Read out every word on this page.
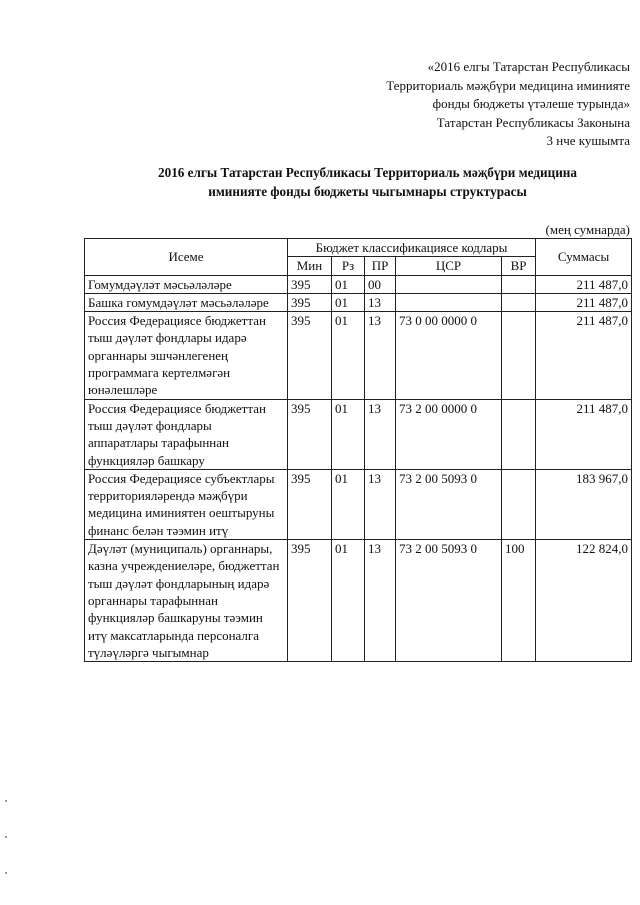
«2016 елгы Татарстан Республикасы
Территориаль мәҗбүри медицина иминияте
фонды бюджеты үтәлеше турында»
Татарстан Республикасы Законына
3 нче кушымта
2016 елгы Татарстан Республикасы Территориаль мәҗбүри медицина
иминияте фонды бюджеты чыгымнары структурасы
(мең сумнарда)
Исеме	Бюджет классификациясе кодлары					Суммасы
	Мин	Рз	ПР	ЦСР	ВР	
Гомумдәүләт мәсьәләләре	395	01	00			211 487,0
Башка гомумдәүләт мәсьәләләре	395	01	13			211 487,0
Россия Федерациясе бюджеттан тыш дәүләт фондлары идарә органнары эшчәнлегенең программага кертелмәгән юнәлешләре	395	01	13	73 0 00 0000 0		211 487,0
Россия Федерациясе бюджеттан тыш дәүләт фондлары аппаратлары тарафыннан функцияләр башкару	395	01	13	73 2 00 0000 0		211 487,0
Россия Федерациясе субъектлары территорияләрендә мәҗбүри медицина иминиятен оештыруны финанс белән тәэмин итү	395	01	13	73 2 00 5093 0		183 967,0
Дәүләт (муниципаль) органнары, казна учреждениеләре, бюджеттан тыш дәүләт фондларының идарә органнары тарафыннан функцияләр башкаруны тәэмин итү максатларында персоналга түләүләргә чыгымнар	395	01	13	73 2 00 5093 0	100	122 824,0
